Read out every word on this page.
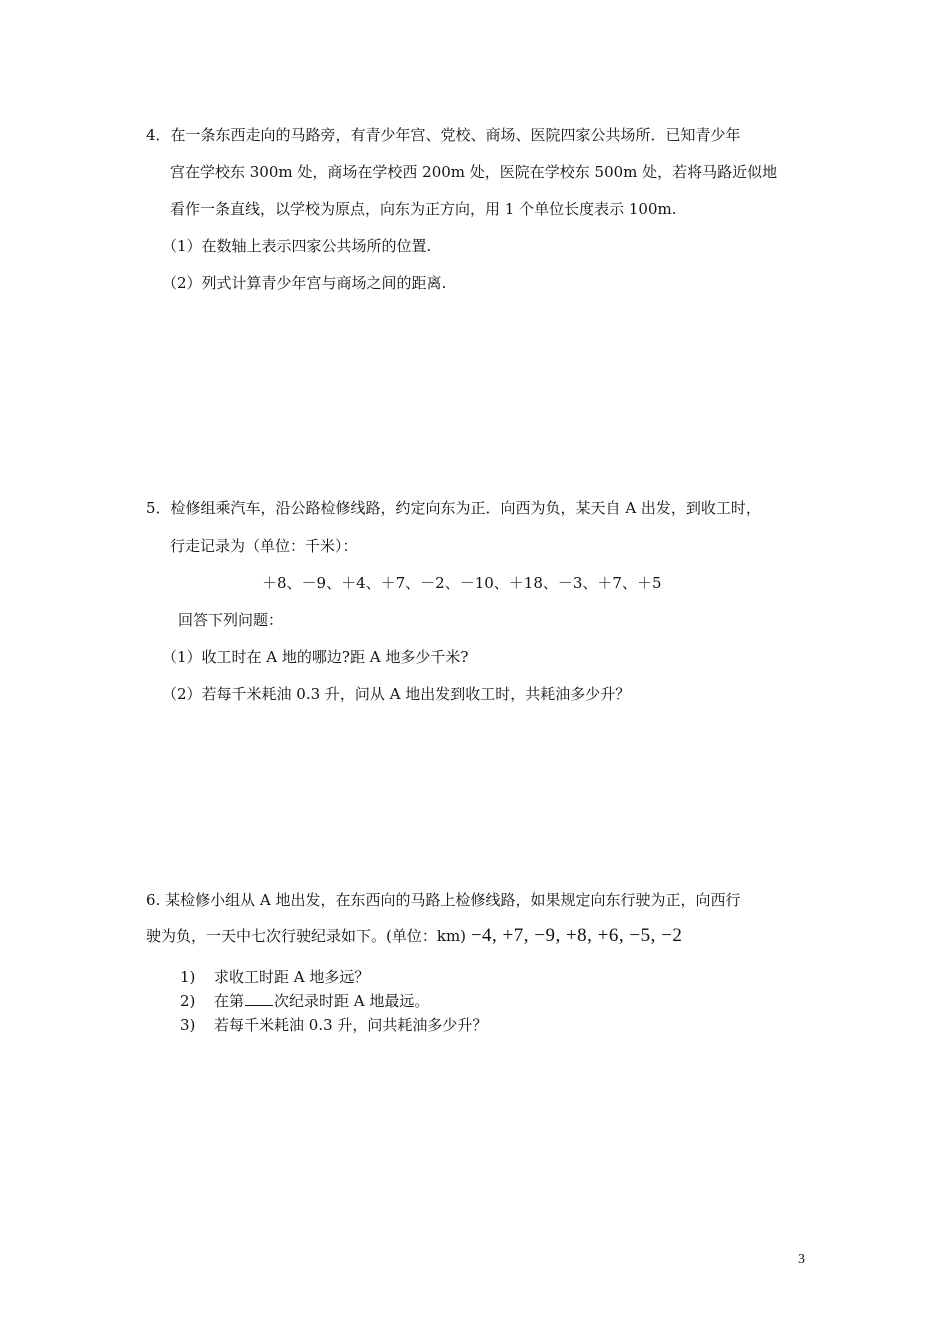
4．在一条东西走向的马路旁，有青少年宫、党校、商场、医院四家公共场所．已知青少年
宫在学校东 300m 处，商场在学校西 200m 处，医院在学校东 500m 处，若将马路近似地
看作一条直线，以学校为原点，向东为正方向，用 1 个单位长度表示 100m.
（1）在数轴上表示四家公共场所的位置.
（2）列式计算青少年宫与商场之间的距离.
5．检修组乘汽车，沿公路检修线路，约定向东为正．向西为负，某天自 A 出发，到收工时，
行走记录为（单位：千米）：
＋8、－9、＋4、＋7、－2、－10、＋18、－3、＋7、＋5
回答下列问题：
（1）收工时在 A 地的哪边?距 A 地多少千米?
（2）若每千米耗油 0.3 升，问从 A 地出发到收工时，共耗油多少升？
6. 某检修小组从 A 地出发，在东西向的马路上检修线路，如果规定向东行驶为正，向西行
驶为负，一天中七次行驶纪录如下。(单位：km) −4, +7, −9, +8, +6, −5, −2
1) 求收工时距 A 地多远？
2) 在第 次纪录时距 A 地最远。
3) 若每千米耗油 0.3 升，问共耗油多少升？
3
